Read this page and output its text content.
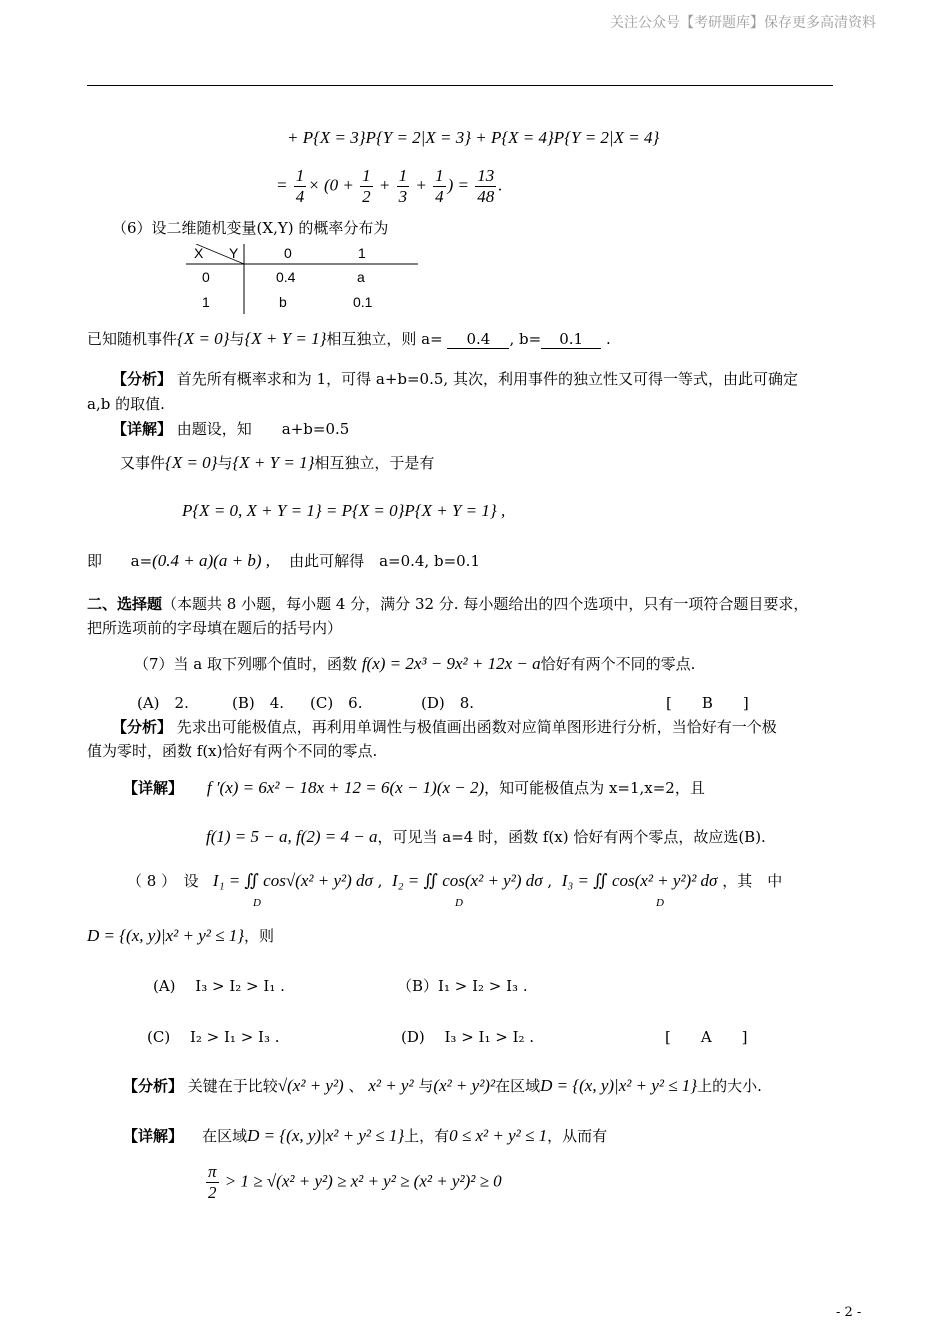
关注公众号【考研题库】保存更多高清资料
+ P{X = 3}P{Y = 2|X = 3} + P{X = 4}P{Y = 2|X = 4}
= $\frac{1}{4} \times (0 + \frac{1}{2} + \frac{1}{3} + \frac{1}{4}$ ) = $\frac{13}{48}$ .
（6）设二维随机变量(X,Y) 的概率分布为
X Y	0	1
0	0.4	a
1	b	0.1
已知随机事件{X = 0}与{X + Y = 1}相互独立，则 a= 0.4 , b= 0.1 .
【分析】 首先所有概率求和为 1，可得 a+b=0.5, 其次，利用事件的独立性又可得一等式，由此可确定
a,b 的取值.
【详解】 由题设，知　　a+b=0.5
又事件{X = 0}与{X + Y = 1}相互独立，于是有
P{X = 0, X + Y = 1} = P{X = 0}P{X + Y = 1} ,
即 a=(0.4 + a)(a + b) , 由此可解得　a=0.4, b=0.1
二、选择题（本题共 8 小题，每小题 4 分，满分 32 分. 每小题给出的四个选项中，只有一项符合题目要求，
把所选项前的字母填在题后的括号内）
（7）当 a 取下列哪个值时，函数 f(x) = 2x³ − 9x² + 12x − a恰好有两个不同的零点.
(A)　2.	(B)　4. (C)　6.	(D)　8.	[　　B　　]
【分析】 先求出可能极值点，再利用单调性与极值画出函数对应简单图形进行分析，当恰好有一个极
值为零时，函数 f(x)恰好有两个不同的零点.
【详解】 f ′(x) = 6x² − 18x + 12 = 6(x − 1)(x − 2)，知可能极值点为 x=1,x=2，且
f(1) = 5 − a, f(2) = 4 − a，可见当 a=4 时，函数 f(x) 恰好有两个零点，故应选(B).
（ 8 ）　设 I₁ = ∬ cos√(x² + y²) dσ ,  I₂ = ∬ cos(x² + y²) dσ ,  I₃ = ∬ cos(x² + y²)² dσ ，其　中
D	D	D
D = {(x, y)|x² + y² ≤ 1}，则
(A)　 I₃ > I₂ > I₁ .	（B）I₁ > I₂ > I₃ .
(C)　 I₂ > I₁ > I₃ .	(D)　 I₃ > I₁ > I₂ .	[　　A　　]
【分析】 关键在于比较√(x² + y²) 、 x² + y² 与(x² + y²)²在区域D = {(x, y)|x² + y² ≤ 1}上的大小.
【详解】 在区域D = {(x, y)|x² + y² ≤ 1}上，有0 ≤ x² + y² ≤ 1，从而有
$\frac{\pi}{2} > 1 \ge √(x^2 + y^2) \ge x^2 + y^2 \ge (x^2 + y^2)^2 \ge 0$
- 2 -
